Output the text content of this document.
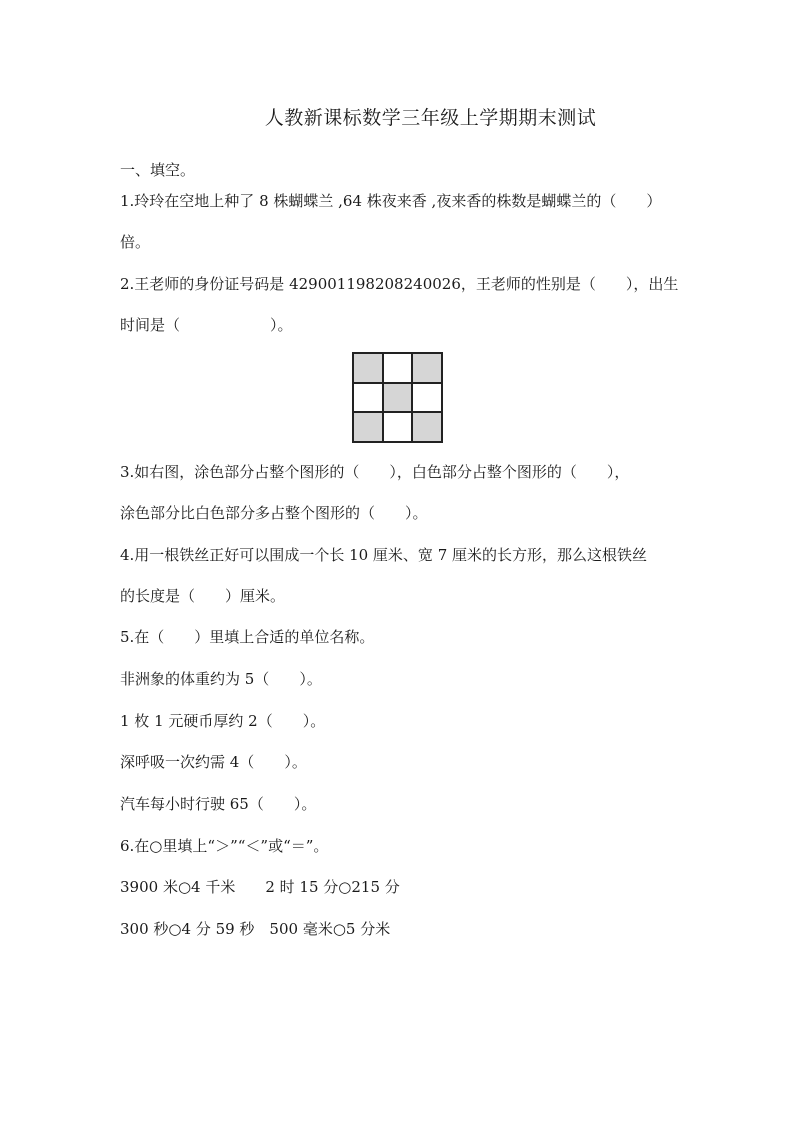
人教新课标数学三年级上学期期末测试
一、填空。
1.玲玲在空地上种了 8 株蝴蝶兰 ,64 株夜来香 ,夜来香的株数是蝴蝶兰的（　　）
倍。
2.王老师的身份证号码是 429001198208240026，王老师的性别是（　　），出生
时间是（　　　　　　）。
3.如右图，涂色部分占整个图形的（　　），白色部分占整个图形的（　　），
涂色部分比白色部分多占整个图形的（　　）。
4.用一根铁丝正好可以围成一个长 10 厘米、宽 7 厘米的长方形，那么这根铁丝
的长度是（　　）厘米。
5.在（　　）里填上合适的单位名称。
非洲象的体重约为 5（　　）。
1 枚 1 元硬币厚约 2（　　）。
深呼吸一次约需 4（　　）。
汽车每小时行驶 65（　　）。
6.在○里填上“＞”“＜”或“＝”。
3900 米○4 千米　　2 时 15 分○215 分
300 秒○4 分 59 秒　500 毫米○5 分米
